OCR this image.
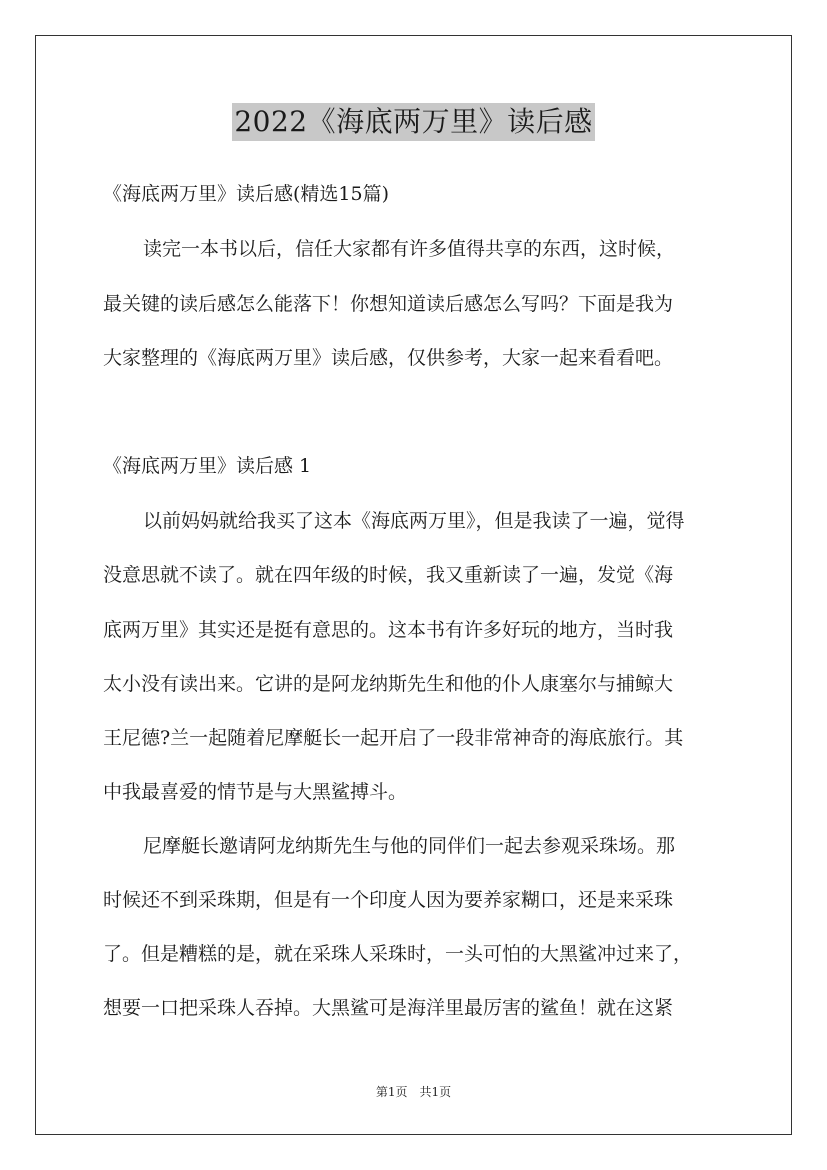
2022《海底两万里》读后感
《海底两万里》读后感(精选15篇)
读完一本书以后，信任大家都有许多值得共享的东西，这时候，
最关键的读后感怎么能落下！你想知道读后感怎么写吗？下面是我为
大家整理的《海底两万里》读后感，仅供参考，大家一起来看看吧。
《海底两万里》读后感 1
以前妈妈就给我买了这本《海底两万里》，但是我读了一遍，觉得
没意思就不读了。就在四年级的时候，我又重新读了一遍，发觉《海
底两万里》其实还是挺有意思的。这本书有许多好玩的地方，当时我
太小没有读出来。它讲的是阿龙纳斯先生和他的仆人康塞尔与捕鲸大
王尼德?兰一起随着尼摩艇长一起开启了一段非常神奇的海底旅行。其
中我最喜爱的情节是与大黑鲨搏斗。
尼摩艇长邀请阿龙纳斯先生与他的同伴们一起去参观采珠场。那
时候还不到采珠期，但是有一个印度人因为要养家糊口，还是来采珠
了。但是糟糕的是，就在采珠人采珠时，一头可怕的大黑鲨冲过来了，
想要一口把采珠人吞掉。大黑鲨可是海洋里最厉害的鲨鱼！就在这紧
第1页　共1页
